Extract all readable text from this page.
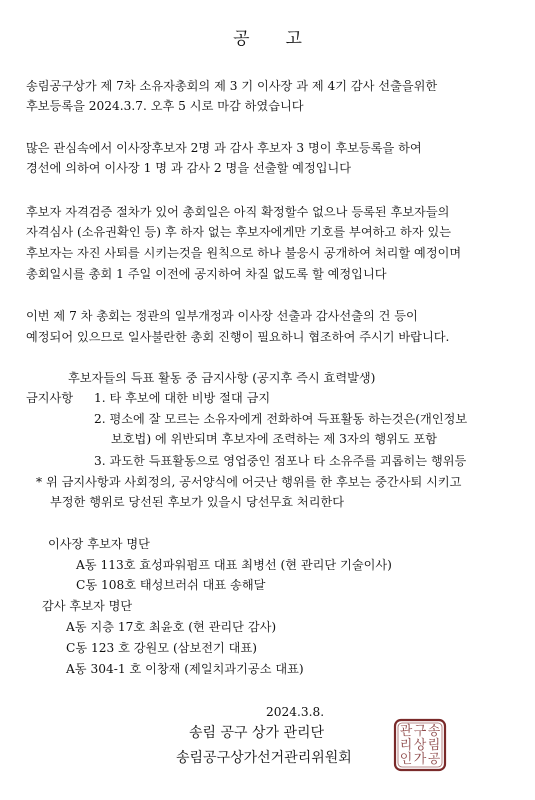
공 고
송림공구상가 제 7차 소유자총회의 제 3 기 이사장 과 제 4기 감사 선출을위한
후보등록을 2024.3.7. 오후 5 시로 마감 하였습니다
많은 관심속에서 이사장후보자 2명 과 감사 후보자 3 명이 후보등록을 하여
경선에 의하여 이사장 1 명 과 감사 2 명을 선출할 예정입니다
후보자 자격검증 절차가 있어 총회일은 아직 확정할수 없으나 등록된 후보자들의
자격심사 (소유권확인 등) 후 하자 없는 후보자에게만 기호를 부여하고 하자 있는
후보자는 자진 사퇴를 시키는것을 원칙으로 하나 불응시 공개하여 처리할 예정이며
총회일시를 총회 1 주일 이전에 공지하여 차질 없도록 할 예정입니다
이번 제 7 차 총회는 정관의 일부개정과 이사장 선출과 감사선출의 건 등이
예정되어 있으므로 일사불란한 총회 진행이 필요하니 협조하여 주시기 바랍니다.
후보자들의 득표 활동 중 금지사항 (공지후 즉시 효력발생)
금지사항 1. 타 후보에 대한 비방 절대 금지
2. 평소에 잘 모르는 소유자에게 전화하여 득표활동 하는것은(개인정보
보호법) 에 위반되며 후보자에 조력하는 제 3자의 행위도 포함
3. 과도한 득표활동으로 영업중인 점포나 타 소유주를 괴롭히는 행위등
* 위 금지사항과 사회정의, 공서양식에 어긋난 행위를 한 후보는 중간사퇴 시키고
부정한 행위로 당선된 후보가 있을시 당선무효 처리한다
이사장 후보자 명단
A동 113호 효성파워펌프 대표 최병선 (현 관리단 기술이사)
C동 108호 태성브러쉬 대표 송해달
감사 후보자 명단
A동 지층 17호 최윤호 (현 관리단 감사)
C동 123 호 강원모 (삼보전기 대표)
A동 304-1 호 이창재 (제일치과기공소 대표)
2024.3.8.
송림 공구 상가 관리단
송림공구상가선거관리위원회
송
림
공
구
상
가
관
리
인
